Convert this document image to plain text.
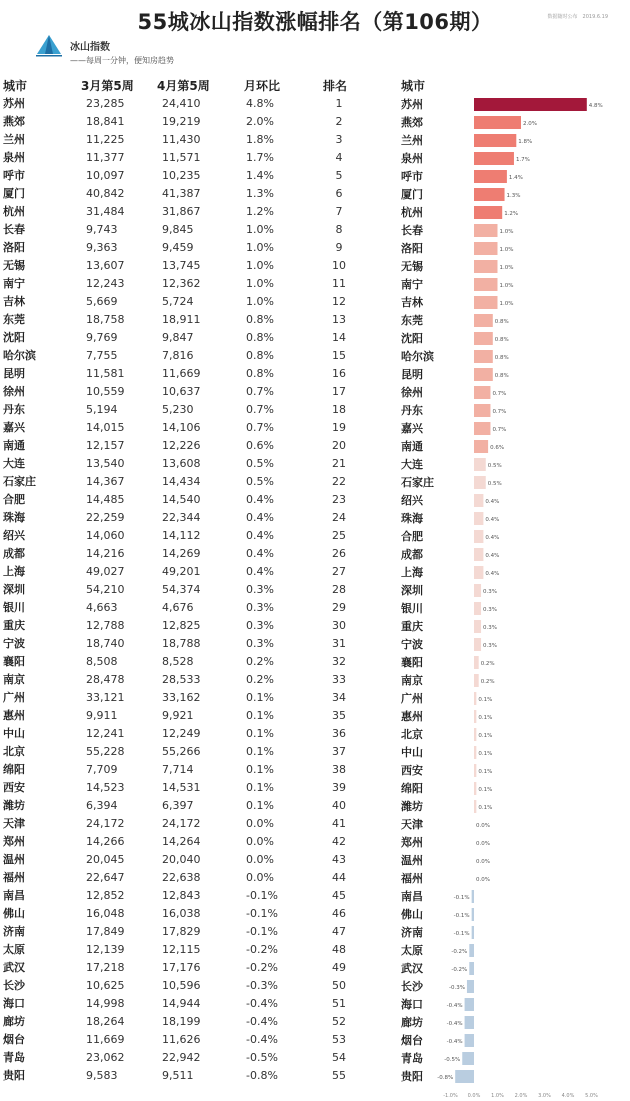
55城冰山指数涨幅排名（第106期）	数据随时公布　2019.6.19
冰山指数
——每周一分钟，便知房趋势
城市	3月第5周 4月第5周	月环比	排名	城市
苏州	23,285	24,410	4.8%	1
燕郊	18,841	19,219	2.0%	2
兰州	11,225	11,430	1.8%	3
泉州	11,377	11,571	1.7%	4
呼市	10,097	10,235	1.4%	5
厦门	40,842	41,387	1.3%	6
杭州	31,484	31,867	1.2%	7
长春	9,743	9,845	1.0%	8
洛阳	9,363	9,459	1.0%	9
无锡	13,607	13,745	1.0%	10
南宁	12,243	12,362	1.0%	11
吉林	5,669	5,724	1.0%	12
东莞	18,758	18,911	0.8%	13
沈阳	9,769	9,847	0.8%	14
哈尔滨	7,755	7,816	0.8%	15
昆明	11,581	11,669	0.8%	16
徐州	10,559	10,637	0.7%	17
丹东	5,194	5,230	0.7%	18
嘉兴	14,015	14,106	0.7%	19
南通	12,157	12,226	0.6%	20
大连	13,540	13,608	0.5%	21
石家庄	14,367	14,434	0.5%	22
合肥	14,485	14,540	0.4%	23
珠海	22,259	22,344	0.4%	24
绍兴	14,060	14,112	0.4%	25
成都	14,216	14,269	0.4%	26
上海	49,027	49,201	0.4%	27
深圳	54,210	54,374	0.3%	28
银川	4,663	4,676	0.3%	29
重庆	12,788	12,825	0.3%	30
宁波	18,740	18,788	0.3%	31
襄阳	8,508	8,528	0.2%	32
南京	28,478	28,533	0.2%	33
广州	33,121	33,162	0.1%	34
惠州	9,911	9,921	0.1%	35
中山	12,241	12,249	0.1%	36
北京	55,228	55,266	0.1%	37
绵阳	7,709	7,714	0.1%	38
西安	14,523	14,531	0.1%	39
潍坊	6,394	6,397	0.1%	40
天津	24,172	24,172	0.0%	41
郑州	14,266	14,264	0.0%	42
温州	20,045	20,040	0.0%	43
福州	22,647	22,638	0.0%	44
南昌	12,852	12,843	-0.1%	45
佛山	16,048	16,038	-0.1%	46
济南	17,849	17,829	-0.1%	47
太原	12,139	12,115	-0.2%	48
武汉	17,218	17,176	-0.2%	49
长沙	10,625	10,596	-0.3%	50
海口	14,998	14,944	-0.4%	51
廊坊	18,264	18,199	-0.4%	52
烟台	11,669	11,626	-0.4%	53
青岛	23,062	22,942	-0.5%	54
贵阳	9,583	9,511	-0.8%	55
苏州	4.8%
燕郊	2.0%
兰州	1.8%
泉州	1.7%
呼市	1.4%
厦门	1.3%
杭州	1.2%
长春	1.0%
洛阳	1.0%
无锡	1.0%
南宁	1.0%
吉林	1.0%
东莞	0.8%
沈阳	0.8%
哈尔滨	0.8%
昆明	0.8%
徐州	0.7%
丹东	0.7%
嘉兴	0.7%
南通	0.6%
大连	0.5%
石家庄	0.5%
绍兴	0.4%
珠海	0.4%
合肥	0.4%
成都	0.4%
上海	0.4%
深圳	0.3%
银川	0.3%
重庆	0.3%
宁波	0.3%
襄阳	0.2%
南京	0.2%
广州	0.1%
惠州	0.1%
北京	0.1%
中山	0.1%
西安	0.1%
绵阳	0.1%
潍坊	0.1%
天津	0.0%
郑州	0.0%
温州	0.0%
福州	0.0%
南昌	-0.1%
佛山	-0.1%
济南	-0.1%
太原	-0.2%
武汉	-0.2%
长沙	-0.3%
海口	-0.4%
廊坊	-0.4%
烟台	-0.4%
青岛	-0.5%
贵阳	-0.8%
-1.0% 0.0% 1.0% 2.0% 3.0% 4.0% 5.0%
